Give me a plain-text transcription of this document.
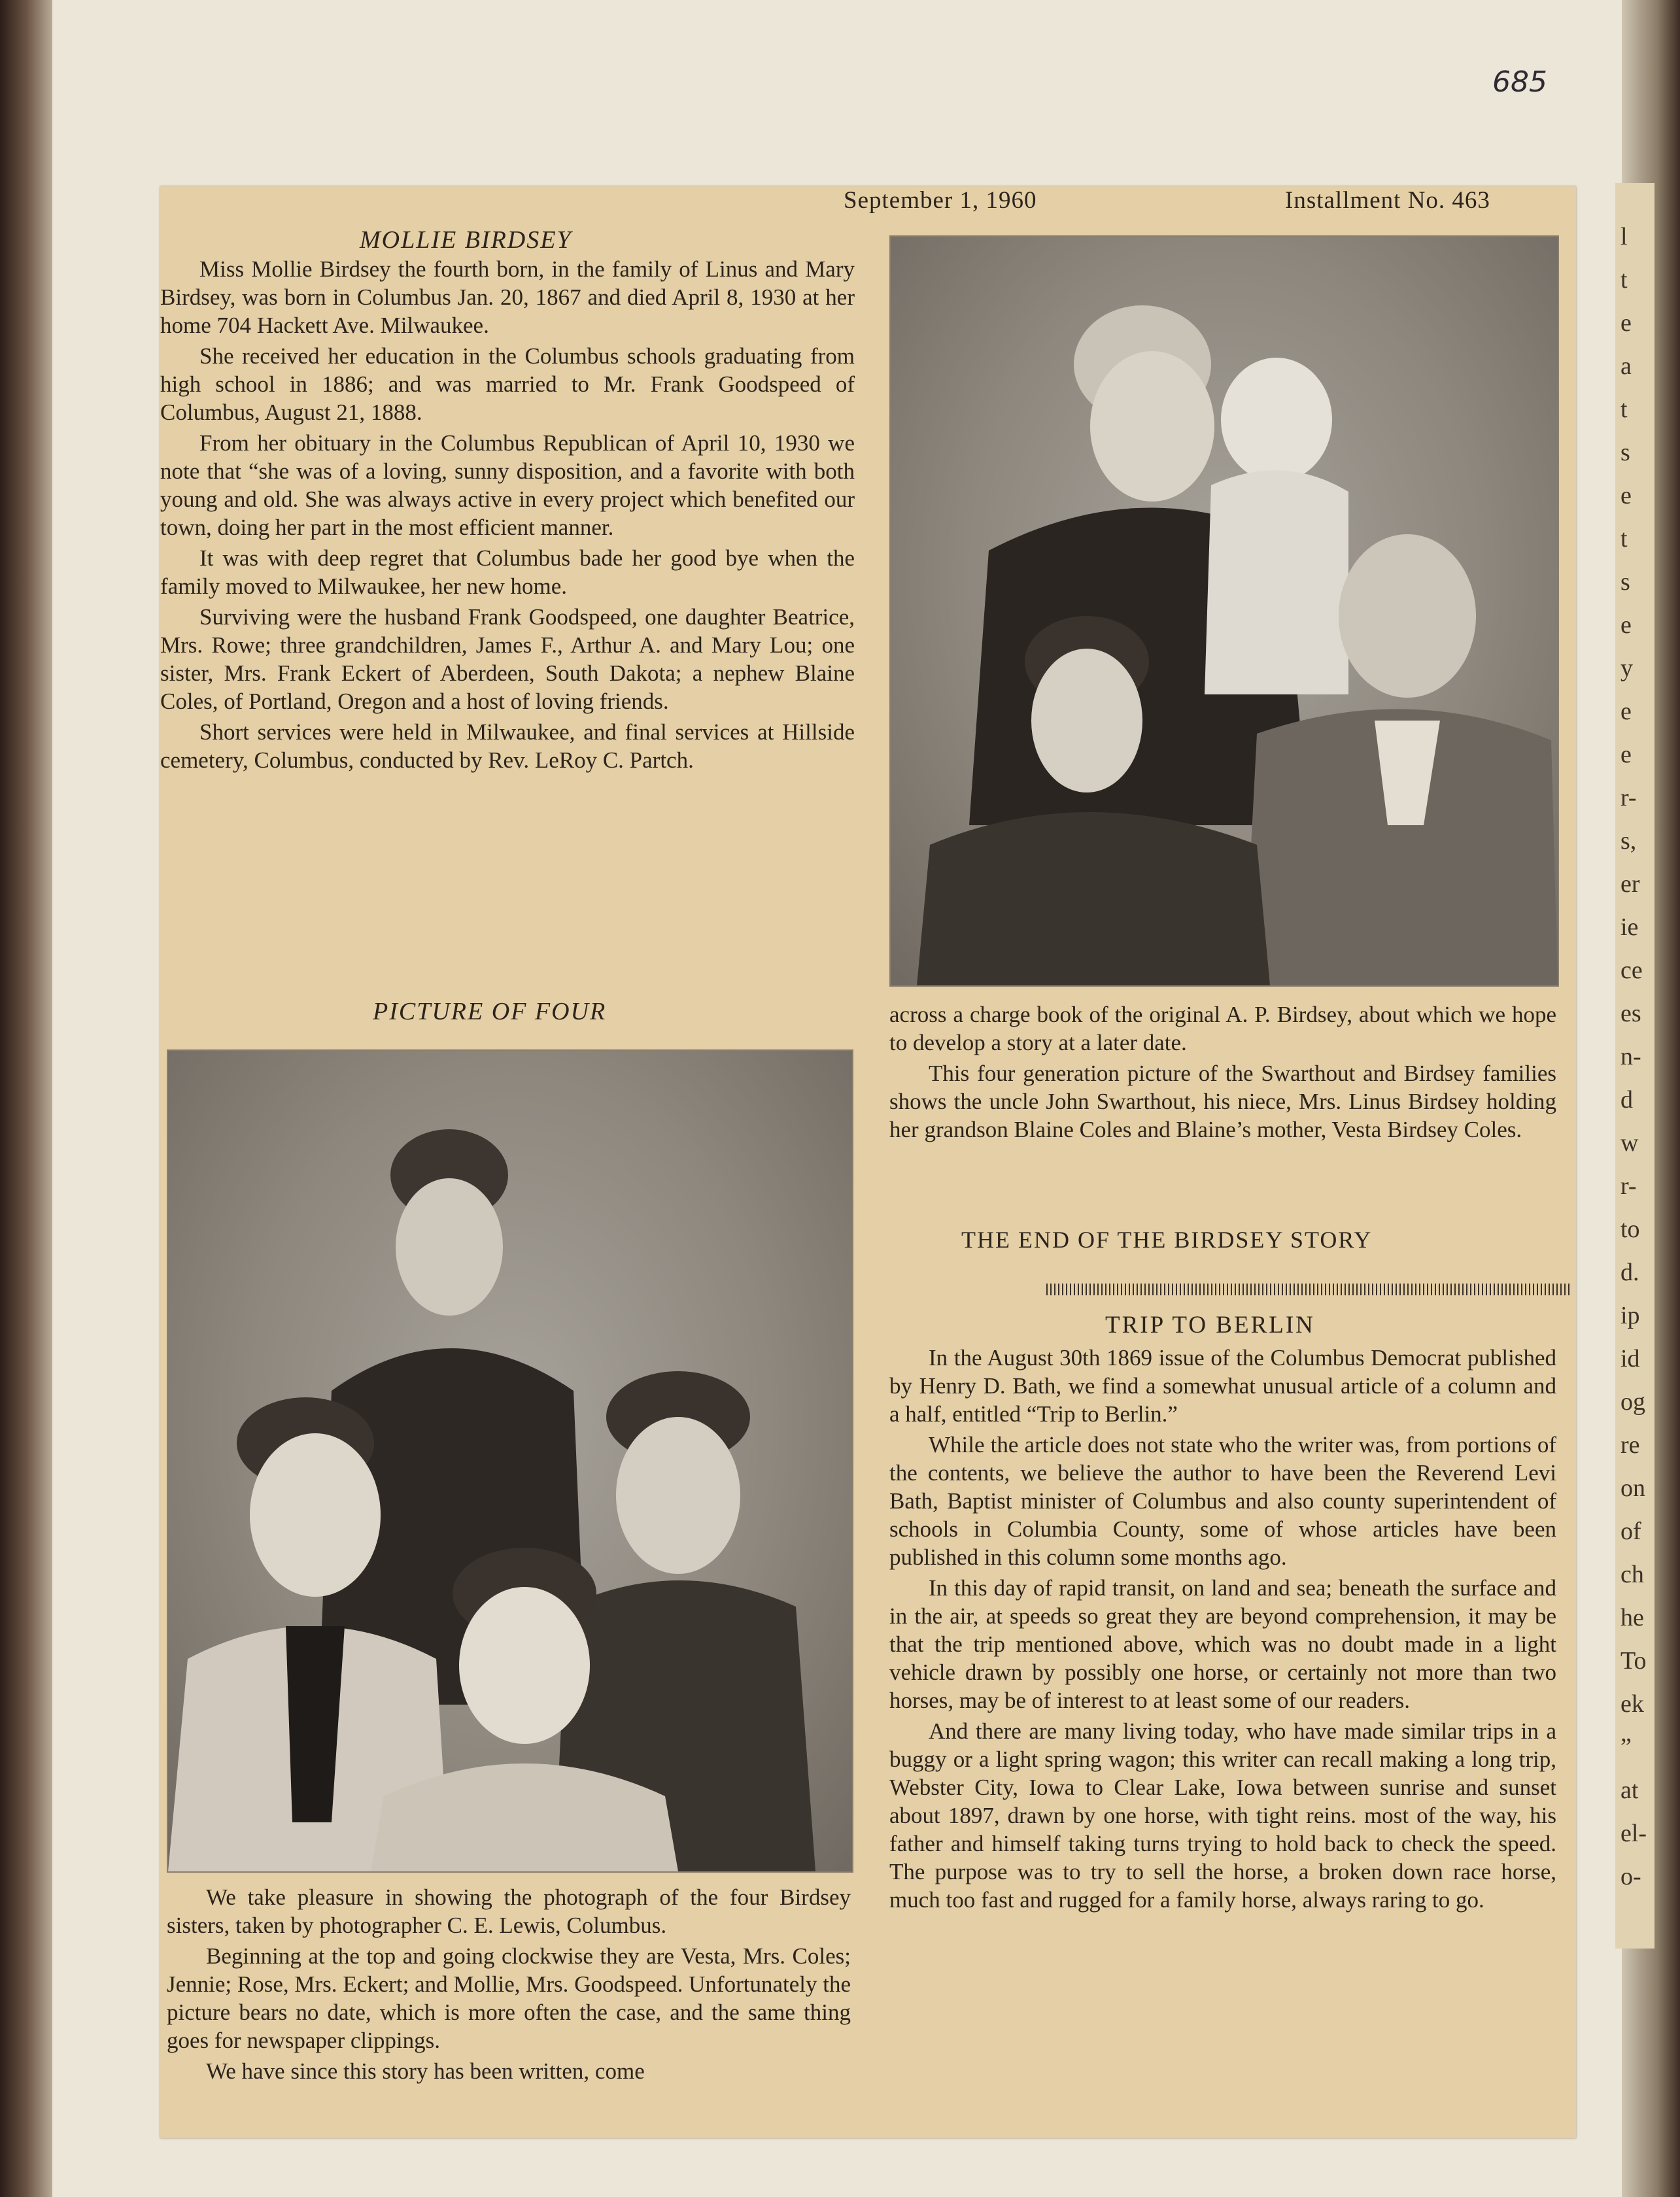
l
t
e
a
t
s
e
t
s
e
y
e
e
r-
s,
er
ie
ce
es
n-
d
w
r-
to
d.
ip
id
og
re
on
of
ch
he
To
ek
”
at
el-
o-
685
September 1, 1960	Installment No. 463
MOLLIE BIRDSEY

Miss Mollie Birdsey the fourth born, in the family of Linus and Mary Birdsey, was born in Columbus Jan. 20, 1867 and died April 8, 1930 at her home 704 Hackett Ave. Milwaukee.

She received her education in the Columbus schools graduating from high school in 1886; and was married to Mr. Frank Goodspeed of Columbus, August 21, 1888.

From her obituary in the Columbus Republican of April 10, 1930 we note that “she was of a loving, sunny disposition, and a favorite with both young and old. She was always active in every project which benefited our town, doing her part in the most efficient manner.

It was with deep regret that Columbus bade her good bye when the family moved to Milwaukee, her new home.

Surviving were the husband Frank Goodspeed, one daughter Beatrice, Mrs. Rowe; three grandchildren, James F., Arthur A. and Mary Lou; one sister, Mrs. Frank Eckert of Aberdeen, South Dakota; a nephew Blaine Coles, of Portland, Oregon and a host of loving friends.

Short services were held in Milwaukee, and final services at Hillside cemetery, Columbus, conducted by Rev. LeRoy C. Partch.

PICTURE OF FOUR

We take pleasure in showing the photograph of the four Birdsey sisters, taken by photographer C. E. Lewis, Columbus.

Beginning at the top and going clockwise they are Vesta, Mrs. Coles; Jennie; Rose, Mrs. Eckert; and Mollie, Mrs. Goodspeed. Unfortunately the picture bears no date, which is more often the case, and the same thing goes for newspaper clippings.

We have since this story has been written, come

across a charge book of the original A. P. Birdsey, about which we hope to develop a story at a later date.

This four generation picture of the Swarthout and Birdsey families shows the uncle John Swarthout, his niece, Mrs. Linus Birdsey holding her grandson Blaine Coles and Blaine’s mother, Vesta Birdsey Coles.

THE END OF THE BIRDSEY STORY
TRIP TO BERLIN

In the August 30th 1869 issue of the Columbus Democrat published by Henry D. Bath, we find a somewhat unusual article of a column and a half, entitled “Trip to Berlin.”

While the article does not state who the writer was, from portions of the contents, we believe the author to have been the Reverend Levi Bath, Baptist minister of Columbus and also county superintendent of schools in Columbia County, some of whose articles have been published in this column some months ago.

In this day of rapid transit, on land and sea; beneath the surface and in the air, at speeds so great they are beyond comprehension, it may be that the trip mentioned above, which was no doubt made in a light vehicle drawn by possibly one horse, or certainly not more than two horses, may be of interest to at least some of our readers.

And there are many living today, who have made similar trips in a buggy or a light spring wagon; this writer can recall making a long trip, Webster City, Iowa to Clear Lake, Iowa between sunrise and sunset about 1897, drawn by one horse, with tight reins. most of the way, his father and himself taking turns trying to hold back to check the speed. The purpose was to try to sell the horse, a broken down race horse, much too fast and rugged for a family horse, always raring to go.
